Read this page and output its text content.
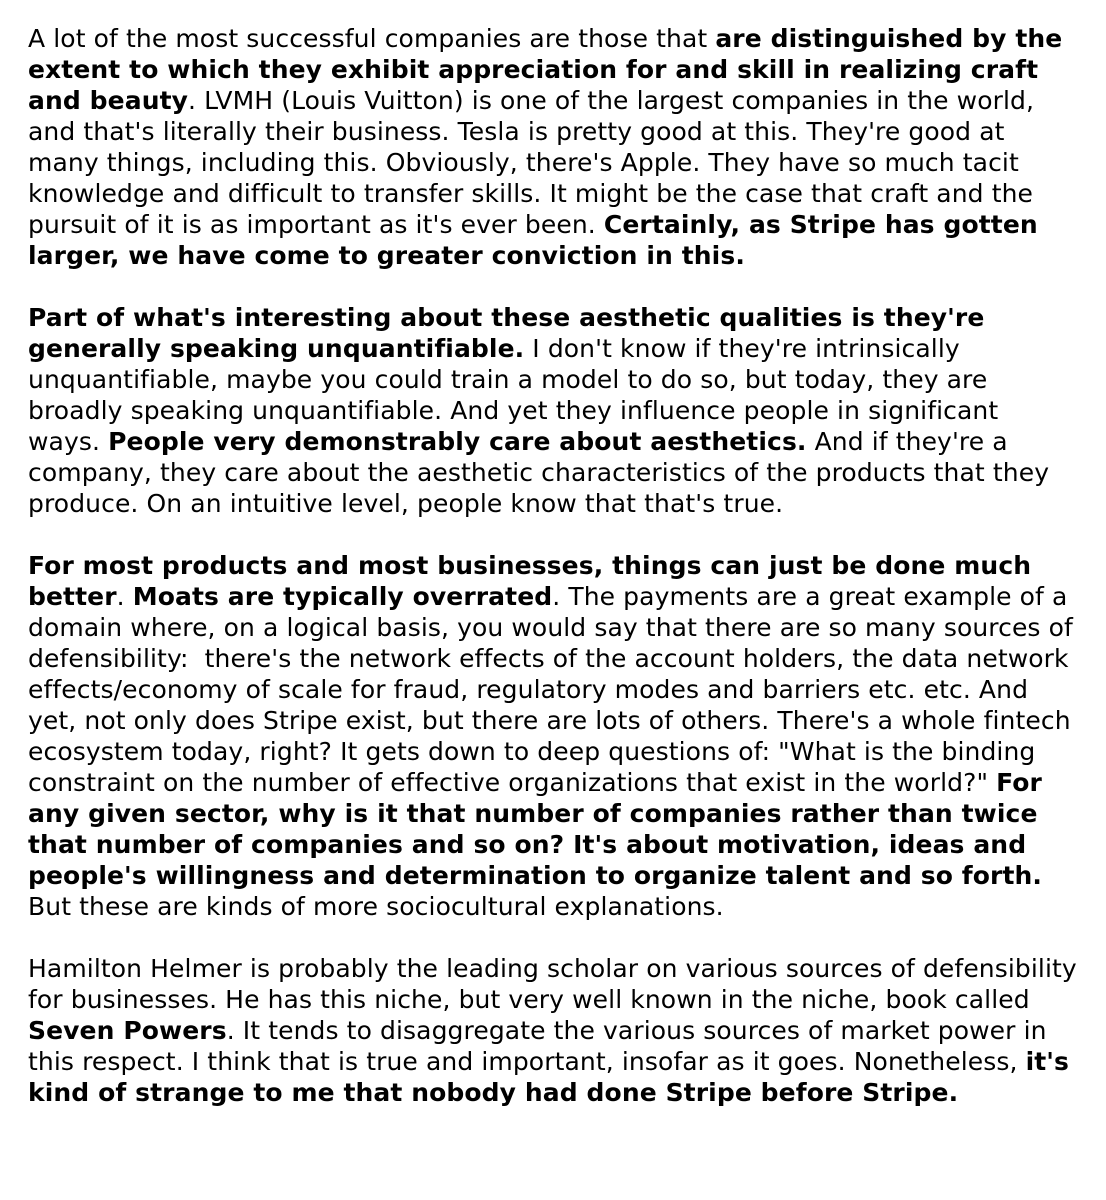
A lot of the most successful companies are those that are distinguished by the extent to which they exhibit appreciation for and skill in realizing craft and beauty. LVMH (Louis Vuitton) is one of the largest companies in the world, and that's literally their business. Tesla is pretty good at this. They're good at many things, including this. Obviously, there's Apple. They have so much tacit knowledge and difficult to transfer skills. It might be the case that craft and the pursuit of it is as important as it's ever been. Certainly, as Stripe has gotten larger, we have come to greater conviction in this.

Part of what's interesting about these aesthetic qualities is they're generally speaking unquantifiable. I don't know if they're intrinsically unquantifiable, maybe you could train a model to do so, but today, they are broadly speaking unquantifiable. And yet they influence people in significant ways. People very demonstrably care about aesthetics. And if they're a company, they care about the aesthetic characteristics of the products that they produce. On an intuitive level, people know that that's true.

For most products and most businesses, things can just be done much better. Moats are typically overrated. The payments are a great example of a domain where, on a logical basis, you would say that there are so many sources of defensibility:  there's the network effects of the account holders, the data network effects/economy of scale for fraud, regulatory modes and barriers etc. etc. And yet, not only does Stripe exist, but there are lots of others. There's a whole fintech ecosystem today, right? It gets down to deep questions of: "What is the binding constraint on the number of effective organizations that exist in the world?" For any given sector, why is it that number of companies rather than twice that number of companies and so on? It's about motivation, ideas and people's willingness and determination to organize talent and so forth. But these are kinds of more sociocultural explanations.

Hamilton Helmer is probably the leading scholar on various sources of defensibility for businesses. He has this niche, but very well known in the niche, book called Seven Powers. It tends to disaggregate the various sources of market power in this respect. I think that is true and important, insofar as it goes. Nonetheless, it's kind of strange to me that nobody had done Stripe before Stripe.
